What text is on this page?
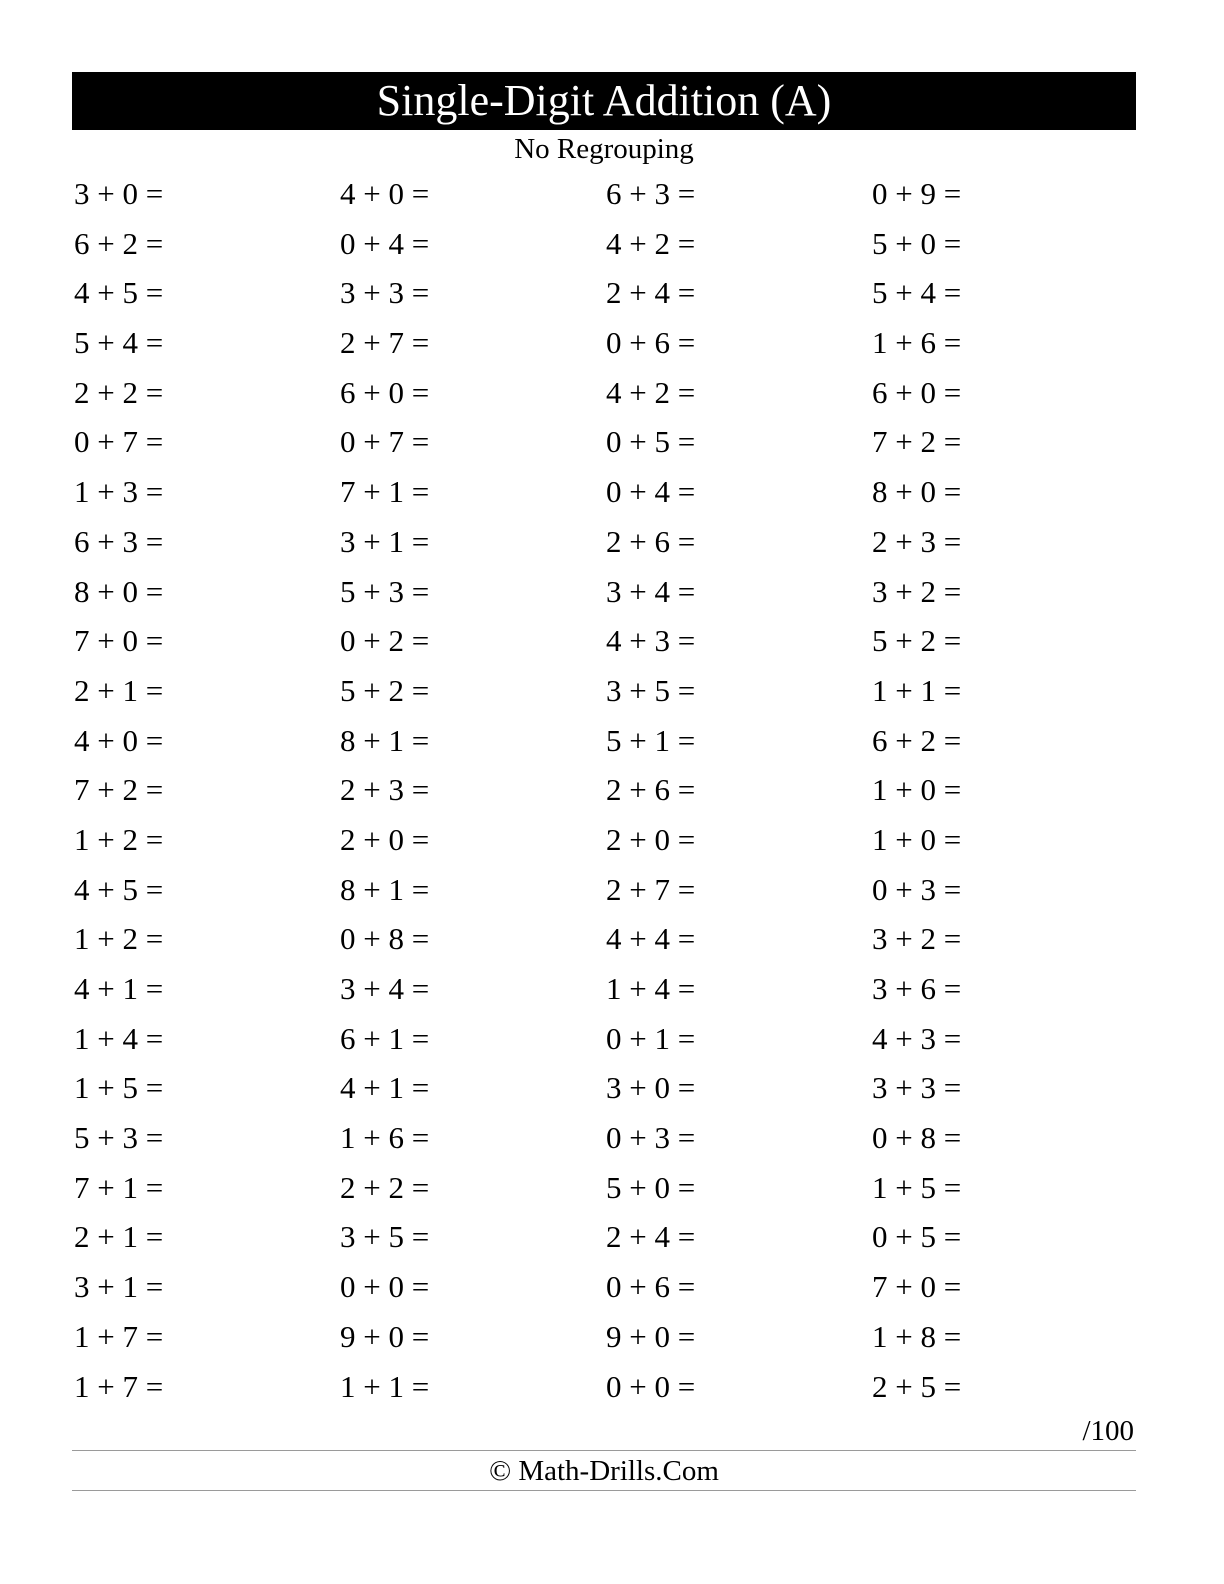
Single-Digit Addition (A)
No Regrouping
3 + 0 =	4 + 0 =	6 + 3 =	0 + 9 =
6 + 2 =	0 + 4 =	4 + 2 =	5 + 0 =
4 + 5 =	3 + 3 =	2 + 4 =	5 + 4 =
5 + 4 =	2 + 7 =	0 + 6 =	1 + 6 =
2 + 2 =	6 + 0 =	4 + 2 =	6 + 0 =
0 + 7 =	0 + 7 =	0 + 5 =	7 + 2 =
1 + 3 =	7 + 1 =	0 + 4 =	8 + 0 =
6 + 3 =	3 + 1 =	2 + 6 =	2 + 3 =
8 + 0 =	5 + 3 =	3 + 4 =	3 + 2 =
7 + 0 =	0 + 2 =	4 + 3 =	5 + 2 =
2 + 1 =	5 + 2 =	3 + 5 =	1 + 1 =
4 + 0 =	8 + 1 =	5 + 1 =	6 + 2 =
7 + 2 =	2 + 3 =	2 + 6 =	1 + 0 =
1 + 2 =	2 + 0 =	2 + 0 =	1 + 0 =
4 + 5 =	8 + 1 =	2 + 7 =	0 + 3 =
1 + 2 =	0 + 8 =	4 + 4 =	3 + 2 =
4 + 1 =	3 + 4 =	1 + 4 =	3 + 6 =
1 + 4 =	6 + 1 =	0 + 1 =	4 + 3 =
1 + 5 =	4 + 1 =	3 + 0 =	3 + 3 =
5 + 3 =	1 + 6 =	0 + 3 =	0 + 8 =
7 + 1 =	2 + 2 =	5 + 0 =	1 + 5 =
2 + 1 =	3 + 5 =	2 + 4 =	0 + 5 =
3 + 1 =	0 + 0 =	0 + 6 =	7 + 0 =
1 + 7 =	9 + 0 =	9 + 0 =	1 + 8 =
1 + 7 =	1 + 1 =	0 + 0 =	2 + 5 =
/100
© Math-Drills.Com
